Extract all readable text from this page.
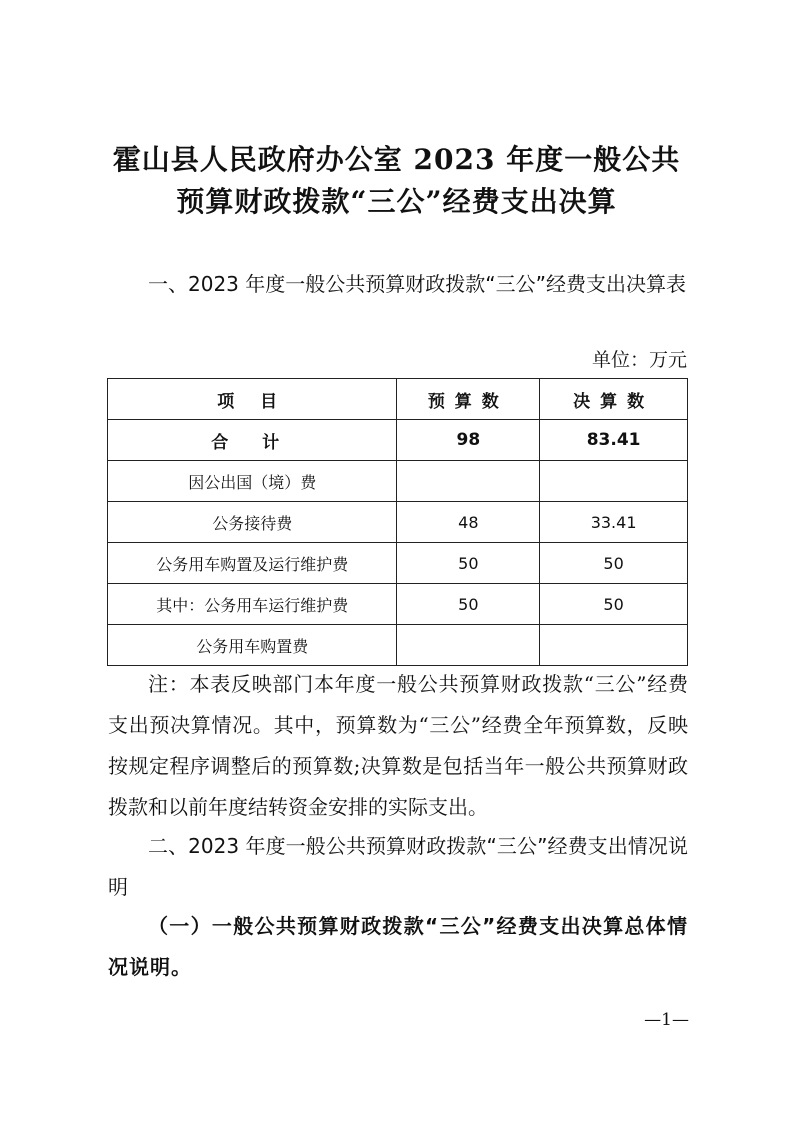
霍山县人民政府办公室 2023 年度一般公共
预算财政拨款“三公”经费支出决算
一、2023 年度一般公共预算财政拨款“三公”经费支出决算表
单位：万元
项 目	预算数	决算数
合 计	98	83.41
因公出国（境）费		
公务接待费	48	33.41
公务用车购置及运行维护费	50	50
其中：公务用车运行维护费	50	50
公务用车购置费		
注：本表反映部门本年度一般公共预算财政拨款“三公”经费支出预决算情况。其中，预算数为“三公”经费全年预算数，反映按规定程序调整后的预算数;决算数是包括当年一般公共预算财政拨款和以前年度结转资金安排的实际支出。
二、2023 年度一般公共预算财政拨款“三公”经费支出情况说明
（一）一般公共预算财政拨款“三公”经费支出决算总体情况说明。
—1—
